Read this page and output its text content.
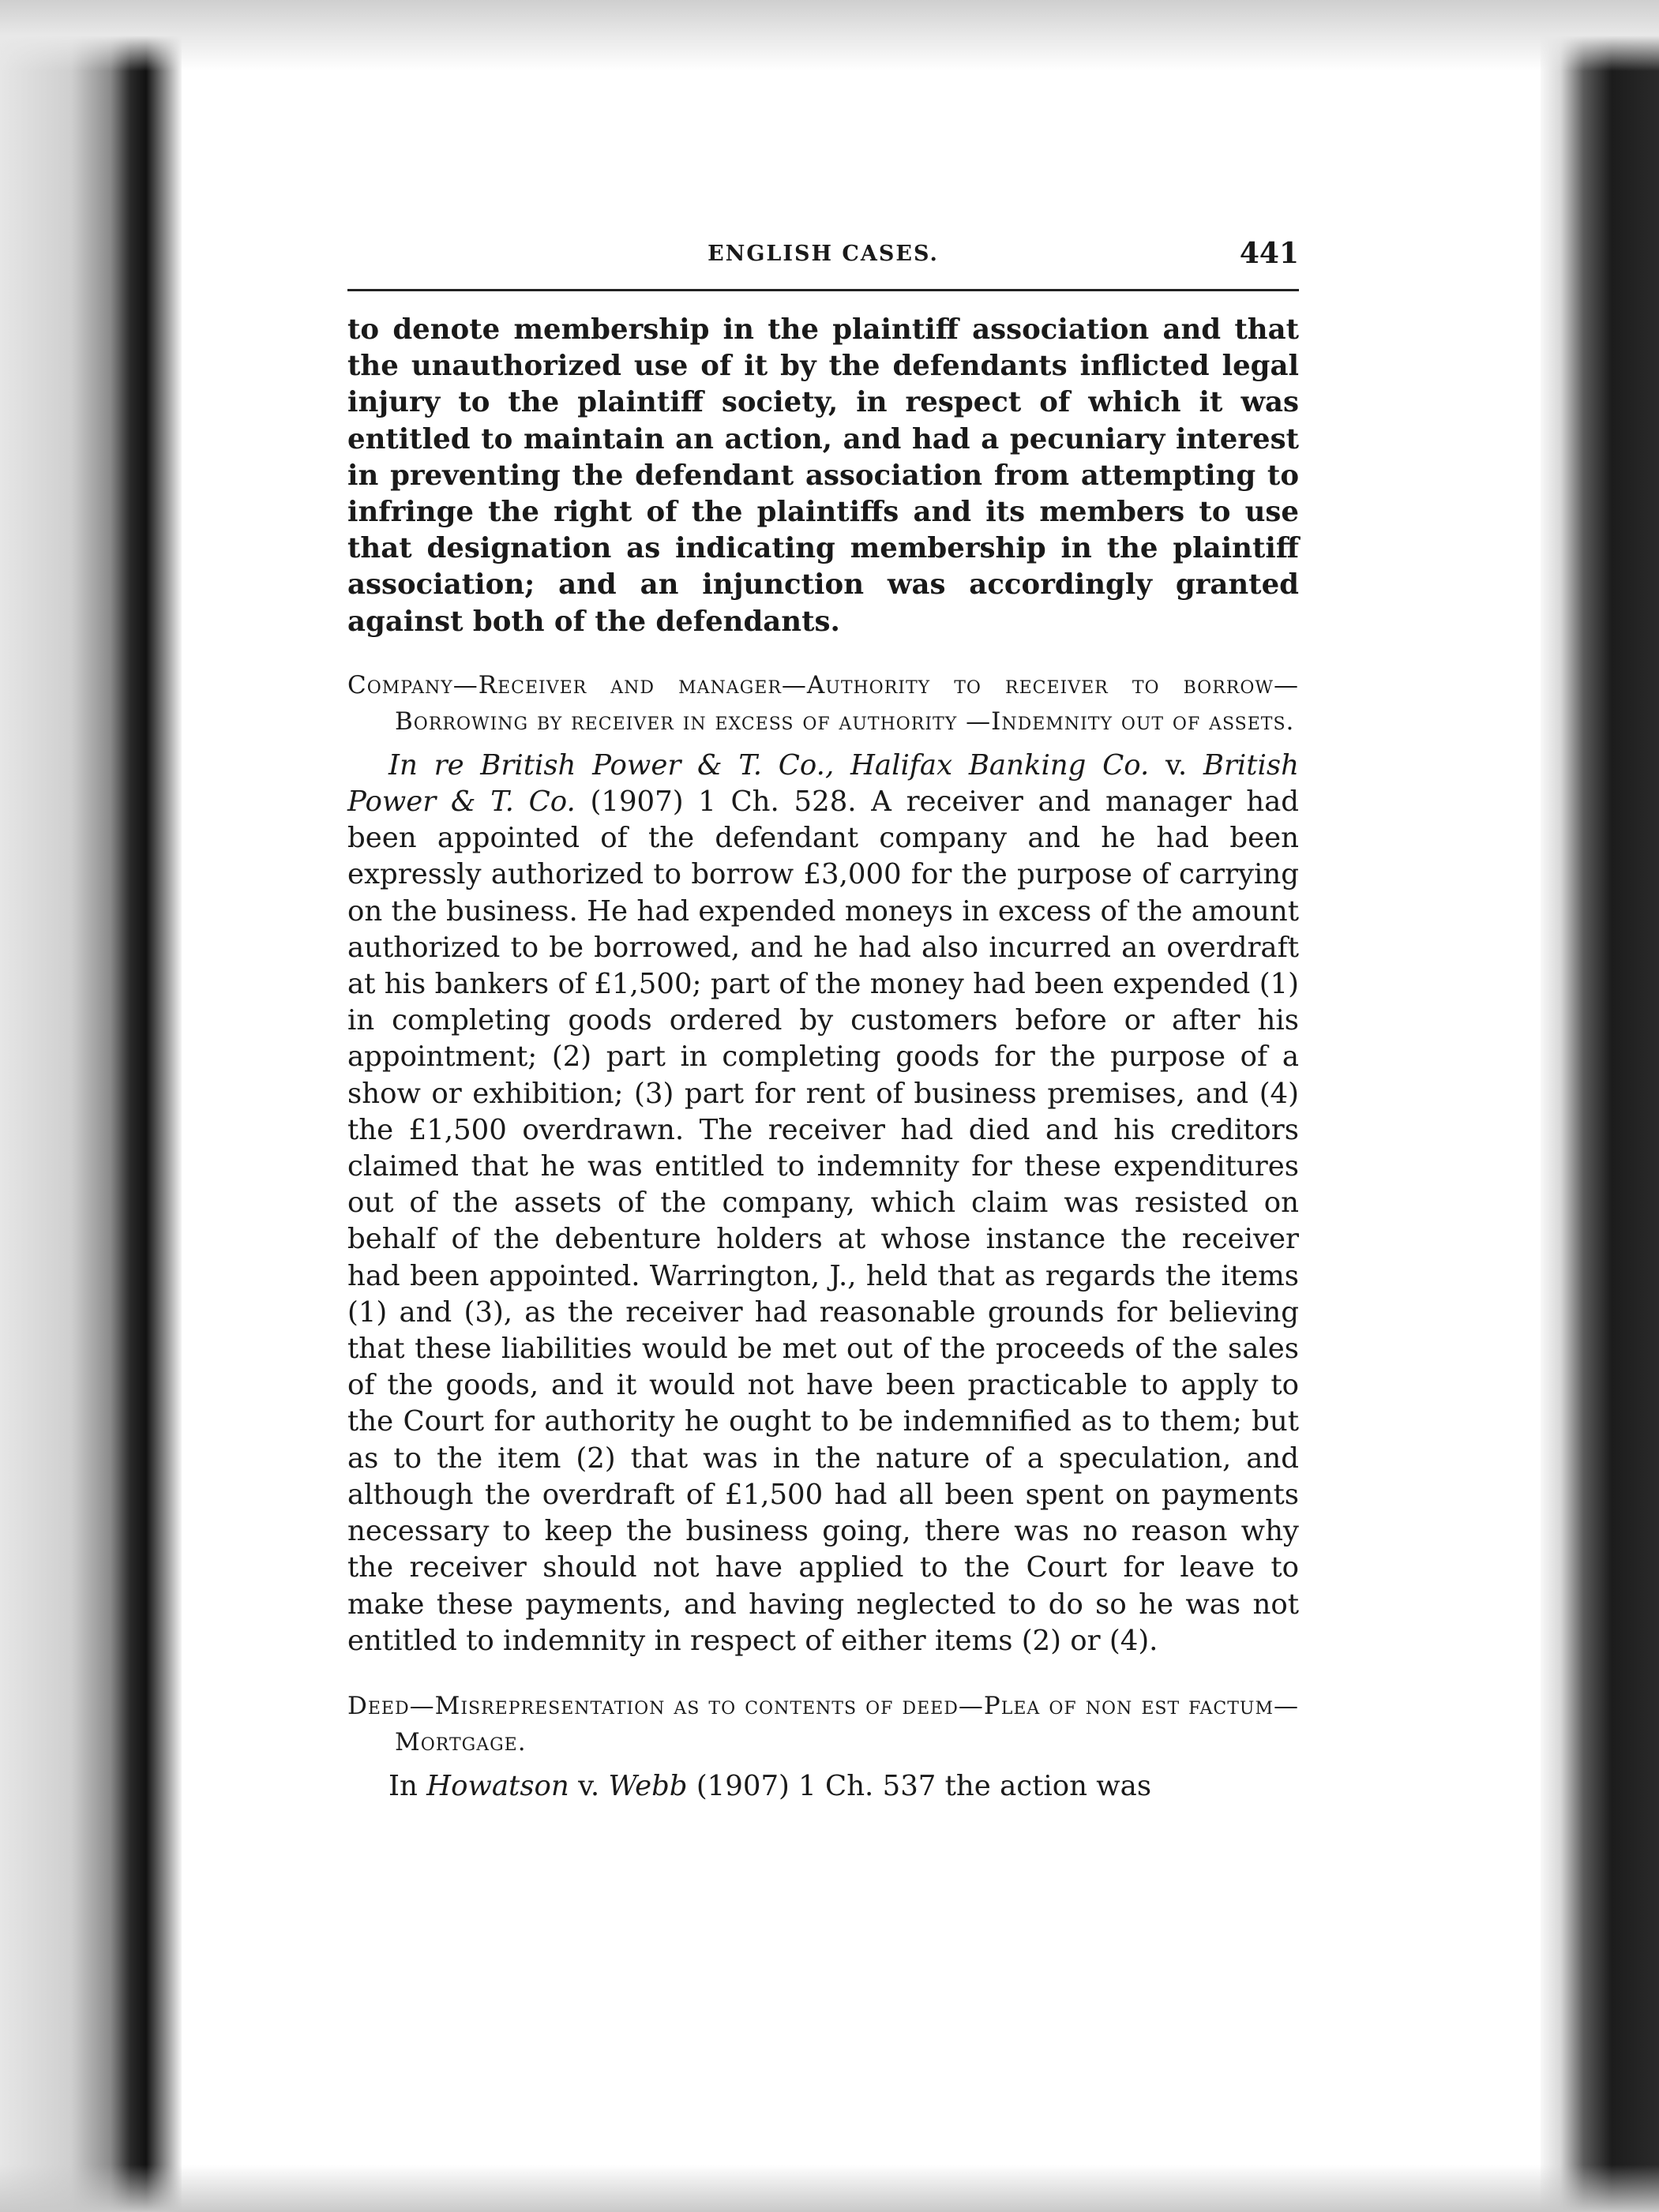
ENGLISH CASES.	441

to denote membership in the plaintiff association and that the unauthorized use of it by the defendants inflicted legal injury to the plaintiff society, in respect of which it was entitled to maintain an action, and had a pecuniary interest in preventing the defendant association from attempting to infringe the right of the plaintiffs and its members to use that designation as indicating membership in the plaintiff association; and an injunction was accordingly granted against both of the defendants.

Company—Receiver and manager—Authority to receiver to borrow—Borrowing by receiver in excess of authority —Indemnity out of assets.

In re British Power & T. Co., Halifax Banking Co. v. British Power & T. Co. (1907) 1 Ch. 528. A receiver and manager had been appointed of the defendant company and he had been expressly authorized to borrow £3,000 for the purpose of carrying on the business. He had expended moneys in excess of the amount authorized to be borrowed, and he had also incurred an overdraft at his bankers of £1,500; part of the money had been expended (1) in completing goods ordered by customers before or after his appointment; (2) part in completing goods for the purpose of a show or exhibition; (3) part for rent of business premises, and (4) the £1,500 overdrawn. The receiver had died and his creditors claimed that he was entitled to indemnity for these expenditures out of the assets of the company, which claim was resisted on behalf of the debenture holders at whose instance the receiver had been appointed. Warrington, J., held that as regards the items (1) and (3), as the receiver had reasonable grounds for believing that these liabilities would be met out of the proceeds of the sales of the goods, and it would not have been practicable to apply to the Court for authority he ought to be indemnified as to them; but as to the item (2) that was in the nature of a speculation, and although the overdraft of £1,500 had all been spent on payments necessary to keep the business going, there was no reason why the receiver should not have applied to the Court for leave to make these payments, and having neglected to do so he was not entitled to indemnity in respect of either items (2) or (4).

Deed—Misrepresentation as to contents of deed—Plea of non est factum—Mortgage.

In Howatson v. Webb (1907) 1 Ch. 537 the action was
